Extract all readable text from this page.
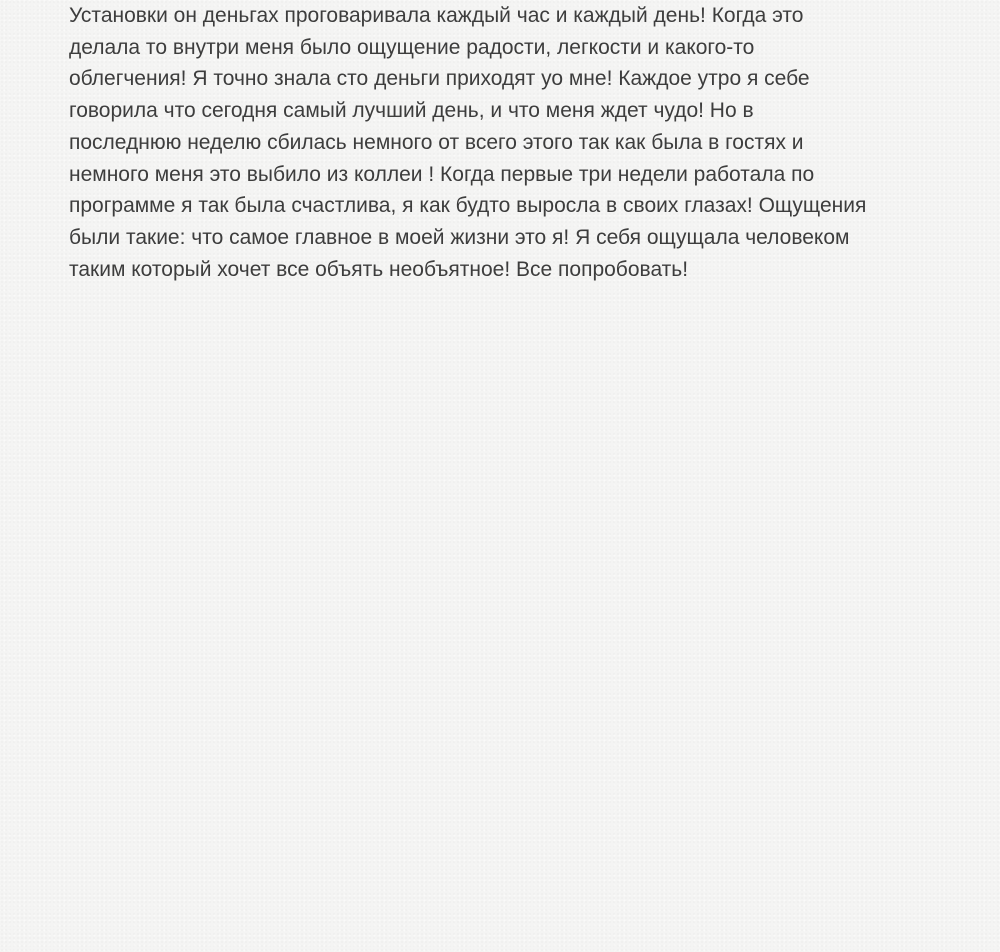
Установки он деньгах проговаривала каждый час и каждый день! Когда это
делала то внутри меня было ощущение радости, легкости и какого-то
облегчения! Я точно знала сто деньги приходят уо мне! Каждое утро я себе
говорила что сегодня самый лучший день, и что меня ждет чудо! Но в
последнюю неделю сбилась немного от всего этого так как была в гостях и
немного меня это выбило из коллеи ! Когда первые три недели работала по
программе я так была счастлива, я как будто выросла в своих глазах! Ощущения
были такие: что самое главное в моей жизни это я! Я себя ощущала человеком
таким который хочет все объять необъятное! Все попробовать!
